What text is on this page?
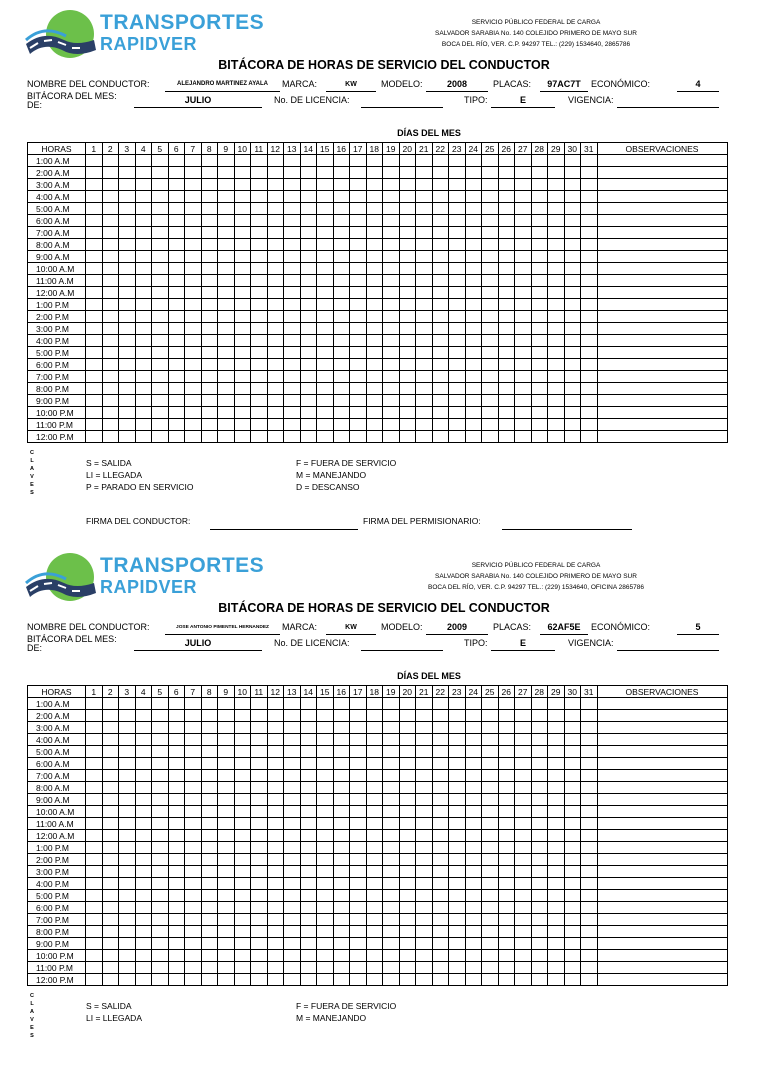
TRANSPORTES
RAPIDVER
SERVICIO PÚBLICO FEDERAL DE CARGA
SALVADOR SARABIA No. 140 COLEJIDO PRIMERO DE MAYO SUR
BOCA DEL RÍO, VER. C.P. 94297 TEL.: (229) 1534640, 2865786
BITÁCORA DE HORAS DE SERVICIO DEL CONDUCTOR
NOMBRE DEL CONDUCTOR:	ALEJANDRO MARTINEZ AYALA	MARCA:	KW	MODELO:	2008	PLACAS:	97AC7T	ECONÓMICO:	4
BITÁCORA DEL MES:
DE:	JULIO	No. DE LICENCIA:	TIPO:	E	VIGENCIA:
DÍAS DEL MES
HORAS	1	2	3	4	5	6	7	8	9	10	11	12	13	14	15	16	17	18	19	20	21	22	23	24	25	26	27	28	29	30	31	OBSERVACIONES
1:00 A.M																																
2:00 A.M																																
3:00 A.M																																
4:00 A.M																																
5:00 A.M																																
6:00 A.M																																
7:00 A.M																																
8:00 A.M																																
9:00 A.M																																
10:00 A.M																																
11:00 A.M																																
12:00 A.M																																
1:00 P.M																																
2:00 P.M																																
3:00 P.M																																
4:00 P.M																																
5:00 P.M																																
6:00 P.M																																
7:00 P.M																																
8:00 P.M																																
9:00 P.M																																
10:00 P.M																																
11:00 P.M																																
12:00 P.M																																
C
L
A
V
E
S
S = SALIDA
LI = LLEGADA
P = PARADO EN SERVICIO
F = FUERA DE SERVICIO
M = MANEJANDO
D = DESCANSO
FIRMA DEL CONDUCTOR:	FIRMA DEL PERMISIONARIO:
TRANSPORTES
RAPIDVER
SERVICIO PÚBLICO FEDERAL DE CARGA
SALVADOR SARABIA No. 140 COLEJIDO PRIMERO DE MAYO SUR
BOCA DEL RÍO, VER. C.P. 94297 TEL.: (229) 1534640, OFICINA 2865786
BITÁCORA DE HORAS DE SERVICIO DEL CONDUCTOR
NOMBRE DEL CONDUCTOR:	JOSE ANTONIO PIMENTEL HERNANDEZ	MARCA:	KW	MODELO:	2009	PLACAS:	62AF5E	ECONÓMICO:	5
BITÁCORA DEL MES:
DE:	JULIO	No. DE LICENCIA:	TIPO:	E	VIGENCIA:
DÍAS DEL MES
HORAS	1	2	3	4	5	6	7	8	9	10	11	12	13	14	15	16	17	18	19	20	21	22	23	24	25	26	27	28	29	30	31	OBSERVACIONES
1:00 A.M																																
2:00 A.M																																
3:00 A.M																																
4:00 A.M																																
5:00 A.M																																
6:00 A.M																																
7:00 A.M																																
8:00 A.M																																
9:00 A.M																																
10:00 A.M																																
11:00 A.M																																
12:00 A.M																																
1:00 P.M																																
2:00 P.M																																
3:00 P.M																																
4:00 P.M																																
5:00 P.M																																
6:00 P.M																																
7:00 P.M																																
8:00 P.M																																
9:00 P.M																																
10:00 P.M																																
11:00 P.M																																
12:00 P.M																																
C
L
A
V
E
S
S = SALIDA
LI = LLEGADA
F = FUERA DE SERVICIO
M = MANEJANDO
